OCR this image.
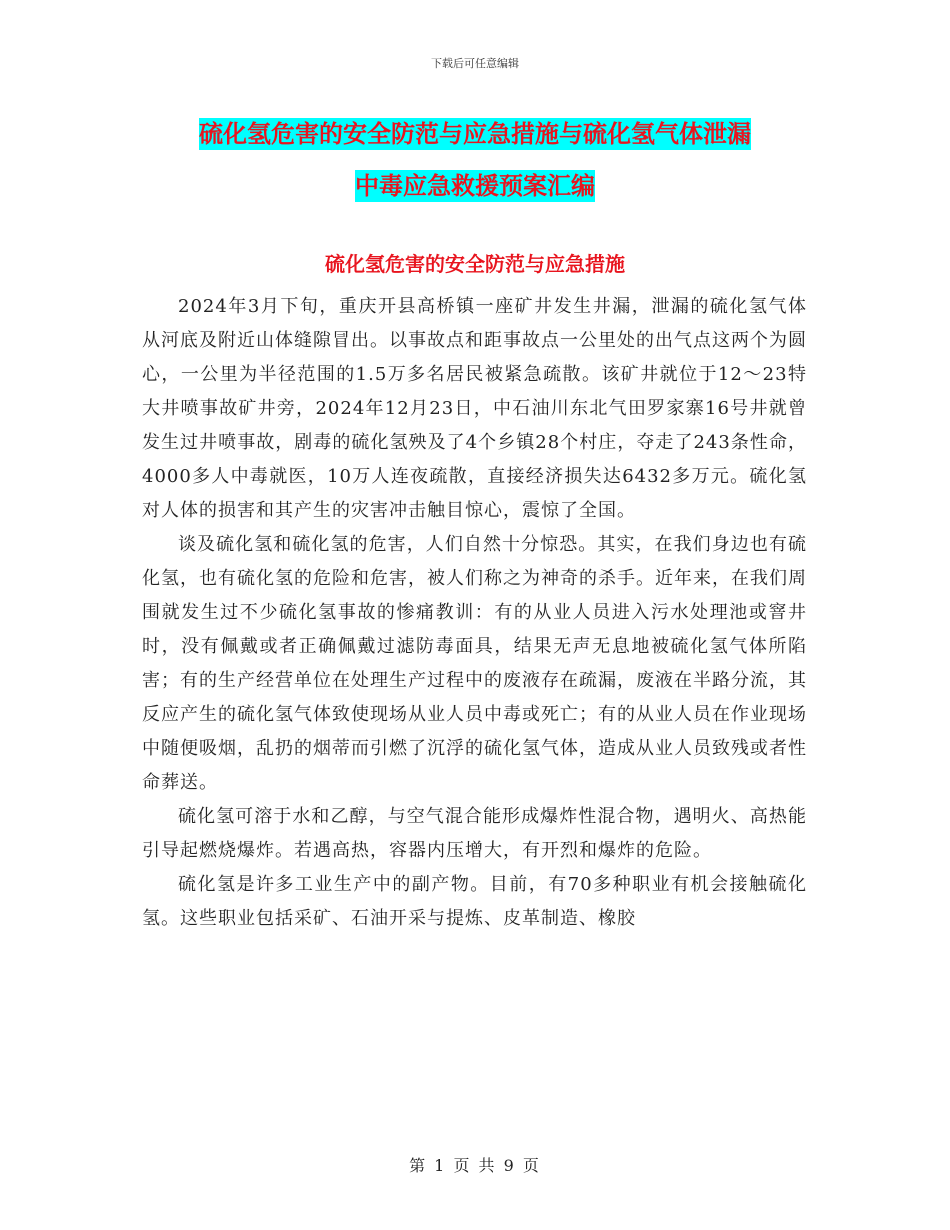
下载后可任意编辑
硫化氢危害的安全防范与应急措施与硫化氢气体泄漏
中毒应急救援预案汇编
硫化氢危害的安全防范与应急措施

2024年3月下旬，重庆开县高桥镇一座矿井发生井漏，泄漏的硫化氢气体从河底及附近山体缝隙冒出。以事故点和距事故点一公里处的出气点这两个为圆心，一公里为半径范围的1.5万多名居民被紧急疏散。该矿井就位于12～23特大井喷事故矿井旁，2024年12月23日，中石油川东北气田罗家寨16号井就曾发生过井喷事故，剧毒的硫化氢殃及了4个乡镇28个村庄，夺走了243条性命，4000多人中毒就医，10万人连夜疏散，直接经济损失达6432多万元。硫化氢对人体的损害和其产生的灾害冲击触目惊心，震惊了全国。

谈及硫化氢和硫化氢的危害，人们自然十分惊恐。其实，在我们身边也有硫化氢，也有硫化氢的危险和危害，被人们称之为神奇的杀手。近年来，在我们周围就发生过不少硫化氢事故的惨痛教训：有的从业人员进入污水处理池或窨井时，没有佩戴或者正确佩戴过滤防毒面具，结果无声无息地被硫化氢气体所陷害；有的生产经营单位在处理生产过程中的废液存在疏漏，废液在半路分流，其反应产生的硫化氢气体致使现场从业人员中毒或死亡；有的从业人员在作业现场中随便吸烟，乱扔的烟蒂而引燃了沉浮的硫化氢气体，造成从业人员致残或者性命葬送。

硫化氢可溶于水和乙醇，与空气混合能形成爆炸性混合物，遇明火、高热能引导起燃烧爆炸。若遇高热，容器内压增大，有开烈和爆炸的危险。

硫化氢是许多工业生产中的副产物。目前，有70多种职业有机会接触硫化氢。这些职业包括采矿、石油开采与提炼、皮革制造、橡胶

第 1 页 共 9 页
